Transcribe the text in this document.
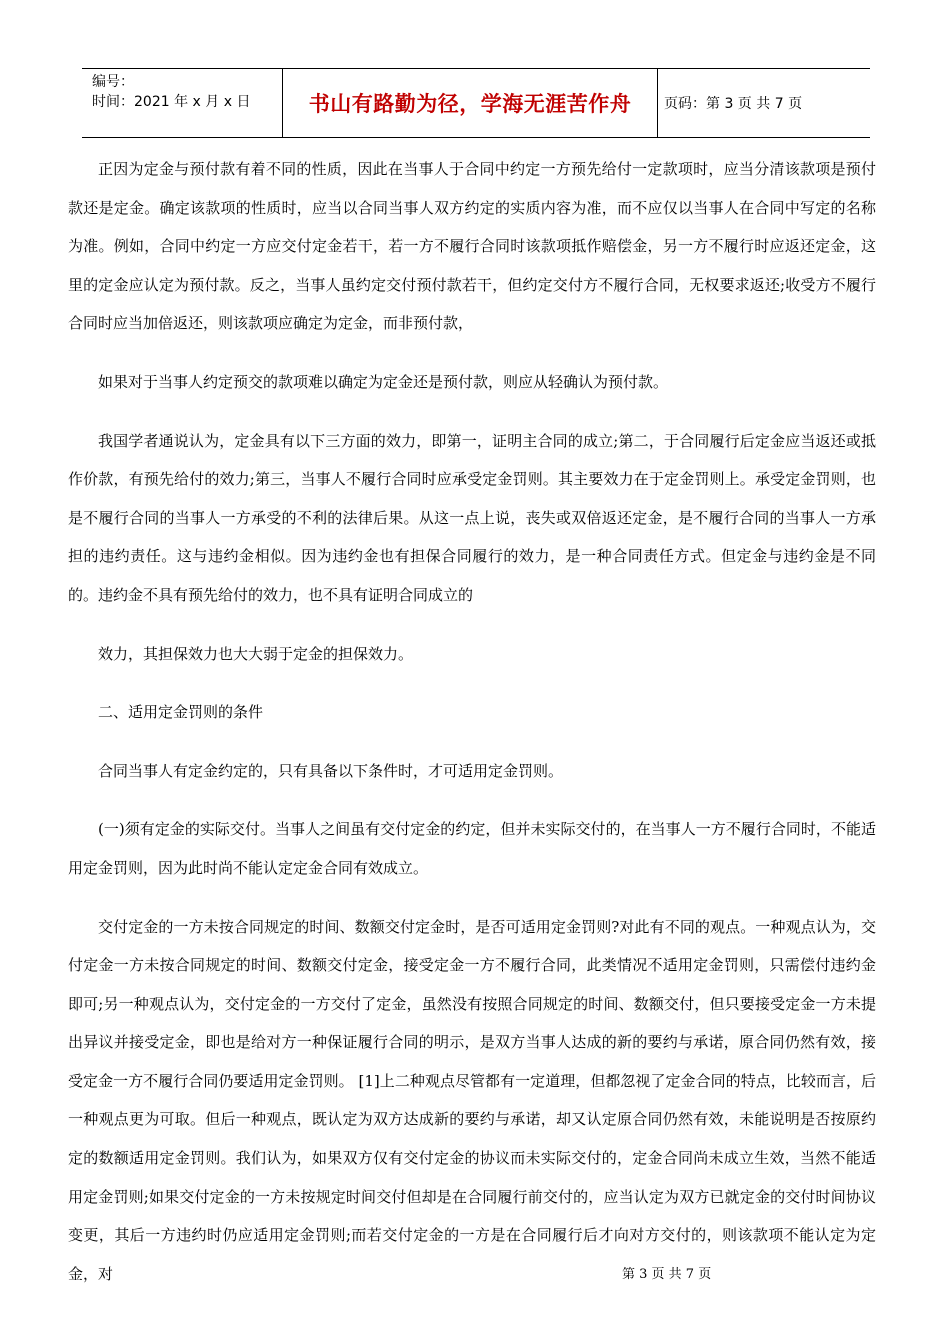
编号：
时间：2021 年 x 月 x 日	书山有路勤为径，学海无涯苦作舟 页码：第 3 页 共 7 页

正因为定金与预付款有着不同的性质，因此在当事人于合同中约定一方预先给付一定款项时，应当分清该款项是预付款还是定金。确定该款项的性质时，应当以合同当事人双方约定的实质内容为准，而不应仅以当事人在合同中写定的名称为准。例如，合同中约定一方应交付定金若干，若一方不履行合同时该款项抵作赔偿金，另一方不履行时应返还定金，这里的定金应认定为预付款。反之，当事人虽约定交付预付款若干，但约定交付方不履行合同，无权要求返还;收受方不履行合同时应当加倍返还，则该款项应确定为定金，而非预付款，

如果对于当事人约定预交的款项难以确定为定金还是预付款，则应从轻确认为预付款。

我国学者通说认为，定金具有以下三方面的效力，即第一，证明主合同的成立;第二，于合同履行后定金应当返还或抵作价款，有预先给付的效力;第三，当事人不履行合同时应承受定金罚则。其主要效力在于定金罚则上。承受定金罚则，也是不履行合同的当事人一方承受的不利的法律后果。从这一点上说，丧失或双倍返还定金，是不履行合同的当事人一方承担的违约责任。这与违约金相似。因为违约金也有担保合同履行的效力，是一种合同责任方式。但定金与违约金是不同的。违约金不具有预先给付的效力，也不具有证明合同成立的

效力，其担保效力也大大弱于定金的担保效力。

二、适用定金罚则的条件

合同当事人有定金约定的，只有具备以下条件时，才可适用定金罚则。

(一)须有定金的实际交付。当事人之间虽有交付定金的约定，但并未实际交付的，在当事人一方不履行合同时，不能适用定金罚则，因为此时尚不能认定定金合同有效成立。

交付定金的一方未按合同规定的时间、数额交付定金时，是否可适用定金罚则?对此有不同的观点。一种观点认为，交付定金一方未按合同规定的时间、数额交付定金，接受定金一方不履行合同，此类情况不适用定金罚则，只需偿付违约金即可;另一种观点认为，交付定金的一方交付了定金，虽然没有按照合同规定的时间、数额交付，但只要接受定金一方未提出异议并接受定金，即也是给对方一种保证履行合同的明示，是双方当事人达成的新的要约与承诺，原合同仍然有效，接受定金一方不履行合同仍要适用定金罚则。 [1]上二种观点尽管都有一定道理，但都忽视了定金合同的特点，比较而言，后一种观点更为可取。但后一种观点，既认定为双方达成新的要约与承诺，却又认定原合同仍然有效，未能说明是否按原约定的数额适用定金罚则。我们认为，如果双方仅有交付定金的协议而未实际交付的，定金合同尚未成立生效，当然不能适用定金罚则;如果交付定金的一方未按规定时间交付但却是在合同履行前交付的，应当认定为双方已就定金的交付时间协议变更，其后一方违约时仍应适用定金罚则;而若交付定金的一方是在合同履行后才向对方交付的，则该款项不能认定为定金，对	第 3 页 共 7 页
